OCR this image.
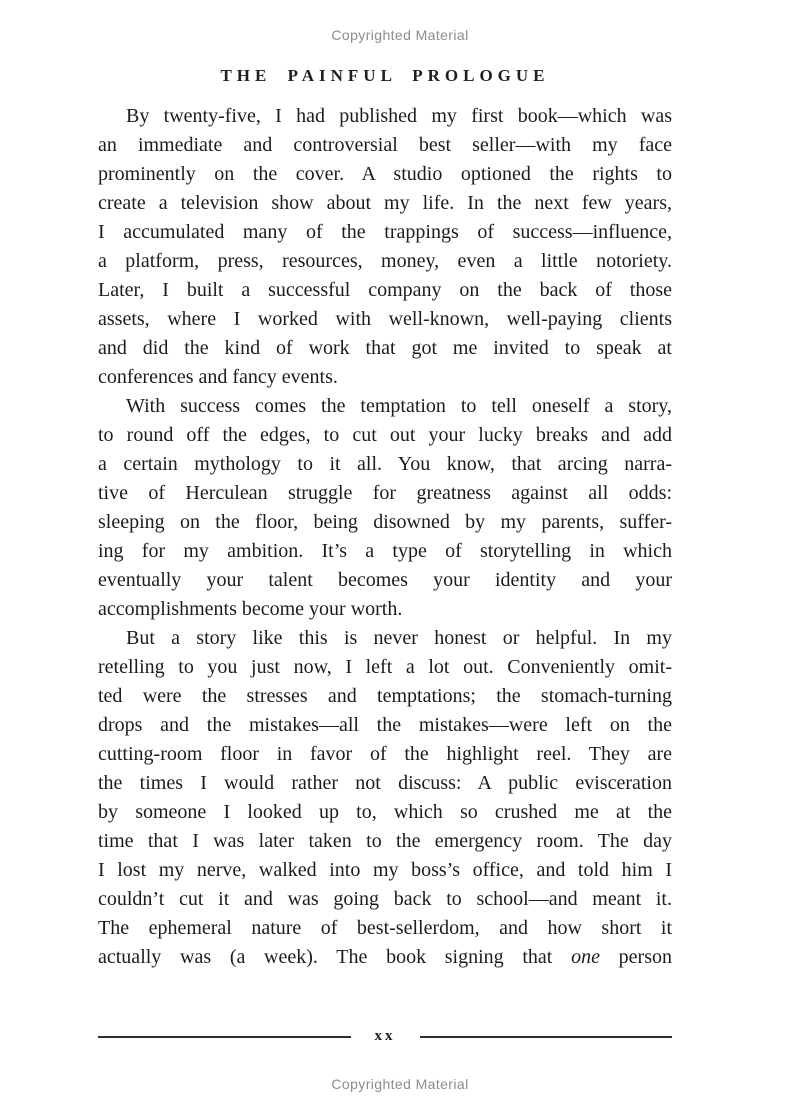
Copyrighted Material
THE PAINFUL PROLOGUE
By twenty-five, I had published my first book—which was
an immediate and controversial best seller—with my face
prominently on the cover. A studio optioned the rights to
create a television show about my life. In the next few years,
I accumulated many of the trappings of success—influence,
a platform, press, resources, money, even a little notoriety.
Later, I built a successful company on the back of those
assets, where I worked with well-known, well-paying clients
and did the kind of work that got me invited to speak at
conferences and fancy events.
With success comes the temptation to tell oneself a story,
to round off the edges, to cut out your lucky breaks and add
a certain mythology to it all. You know, that arcing narra-
tive of Herculean struggle for greatness against all odds:
sleeping on the floor, being disowned by my parents, suffer-
ing for my ambition. It’s a type of storytelling in which
eventually your talent becomes your identity and your
accomplishments become your worth.
But a story like this is never honest or helpful. In my
retelling to you just now, I left a lot out. Conveniently omit-
ted were the stresses and temptations; the stomach-turning
drops and the mistakes—all the mistakes—were left on the
cutting-room floor in favor of the highlight reel. They are
the times I would rather not discuss: A public evisceration
by someone I looked up to, which so crushed me at the
time that I was later taken to the emergency room. The day
I lost my nerve, walked into my boss’s office, and told him I
couldn’t cut it and was going back to school—and meant it.
The ephemeral nature of best-sellerdom, and how short it
actually was (a week). The book signing that one person
xx
Copyrighted Material
